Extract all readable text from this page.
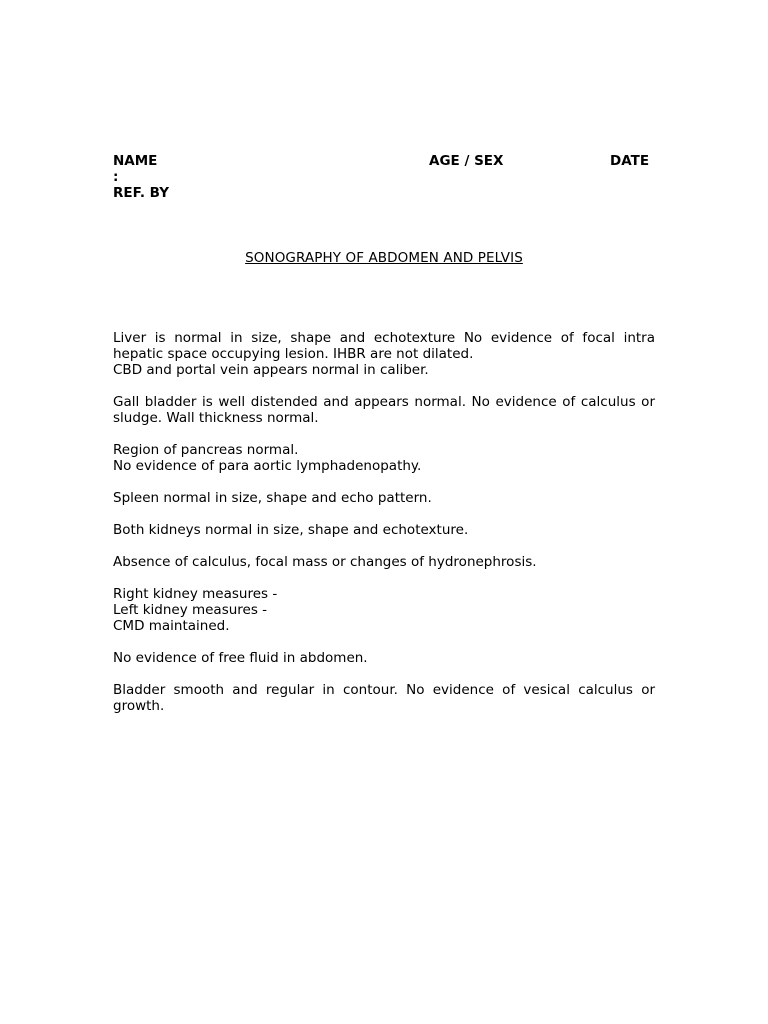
NAME
:
REF. BY
AGE / SEX	DATE
SONOGRAPHY OF ABDOMEN AND PELVIS
Liver is normal in size, shape and echotexture No evidence of focal intra hepatic space occupying lesion. IHBR are not dilated.
CBD and portal vein appears normal in caliber.
Gall bladder is well distended and appears normal. No evidence of calculus or sludge. Wall thickness normal.
Region of pancreas normal.
No evidence of para aortic lymphadenopathy.
Spleen normal in size, shape and echo pattern.
Both kidneys normal in size, shape and echotexture.
Absence of calculus, focal mass or changes of hydronephrosis.
Right kidney measures -
Left kidney measures -
CMD maintained.
No evidence of free fluid in abdomen.
Bladder smooth and regular in contour. No evidence of vesical calculus or growth.
